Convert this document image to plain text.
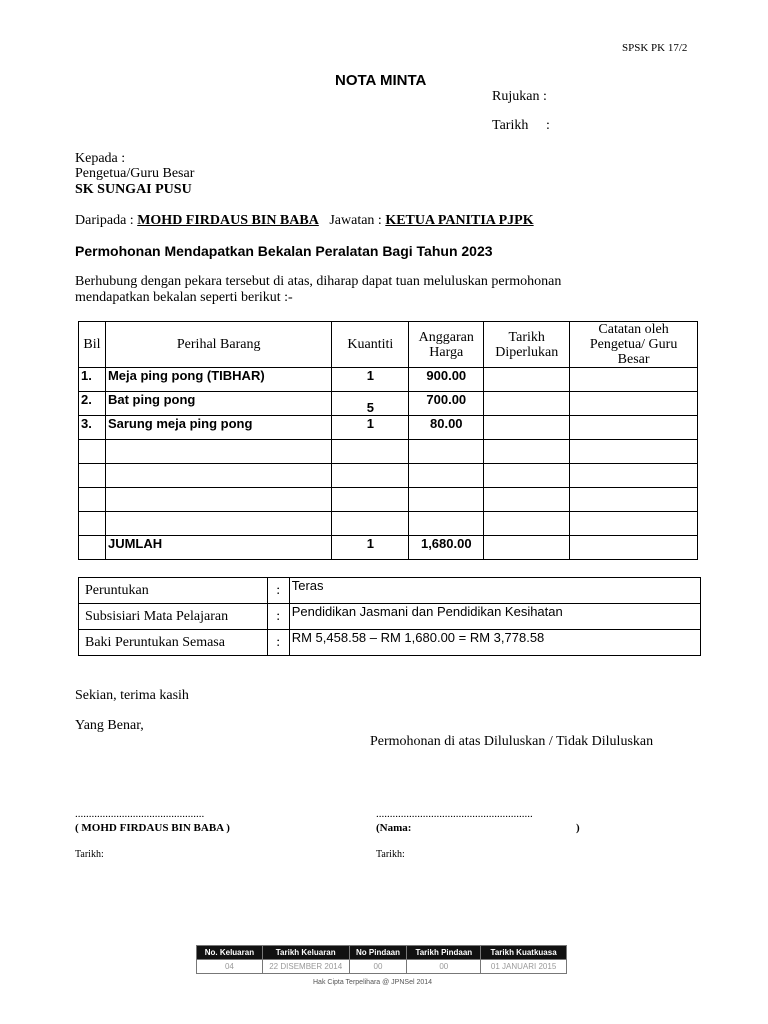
SPSK PK 17/2
NOTA MINTA
Rujukan :
Tarikh :
Kepada :
Pengetua/Guru Besar
SK SUNGAI PUSU
Daripada : MOHD FIRDAUS BIN BABA Jawatan : KETUA PANITIA PJPK
Permohonan Mendapatkan Bekalan Peralatan Bagi Tahun 2023
Berhubung dengan pekara tersebut di atas, diharap dapat tuan meluluskan permohonan
mendapatkan bekalan seperti berikut :-
Bil	Perihal Barang	Kuantiti	Anggaran Harga	Tarikh Diperlukan	Catatan oleh Pengetua/ Guru Besar
1.	Meja ping pong (TIBHAR)	1	900.00		
2.	Bat ping pong	5	700.00		
3.	Sarung meja ping pong	1	80.00		

	JUMLAH	1	1,680.00		
Peruntukan	:	Teras
Subsisiari Mata Pelajaran	:	Pendidikan Jasmani dan Pendidikan Kesihatan
Baki Peruntukan Semasa	:	RM 5,458.58 – RM 1,680.00 = RM 3,778.58
Sekian, terima kasih
Yang Benar,
Permohonan di atas Diluluskan / Tidak Diluluskan
...............................................
( MOHD FIRDAUS BIN BABA )
Tarikh:
.........................................................
(Nama:	)
Tarikh:
No. Keluaran	Tarikh Keluaran	No Pindaan	Tarikh Pindaan	Tarikh Kuatkuasa
04	22 DISEMBER 2014	00	00	01 JANUARI 2015
Hak Cipta Terpelihara @ JPNSel 2014
